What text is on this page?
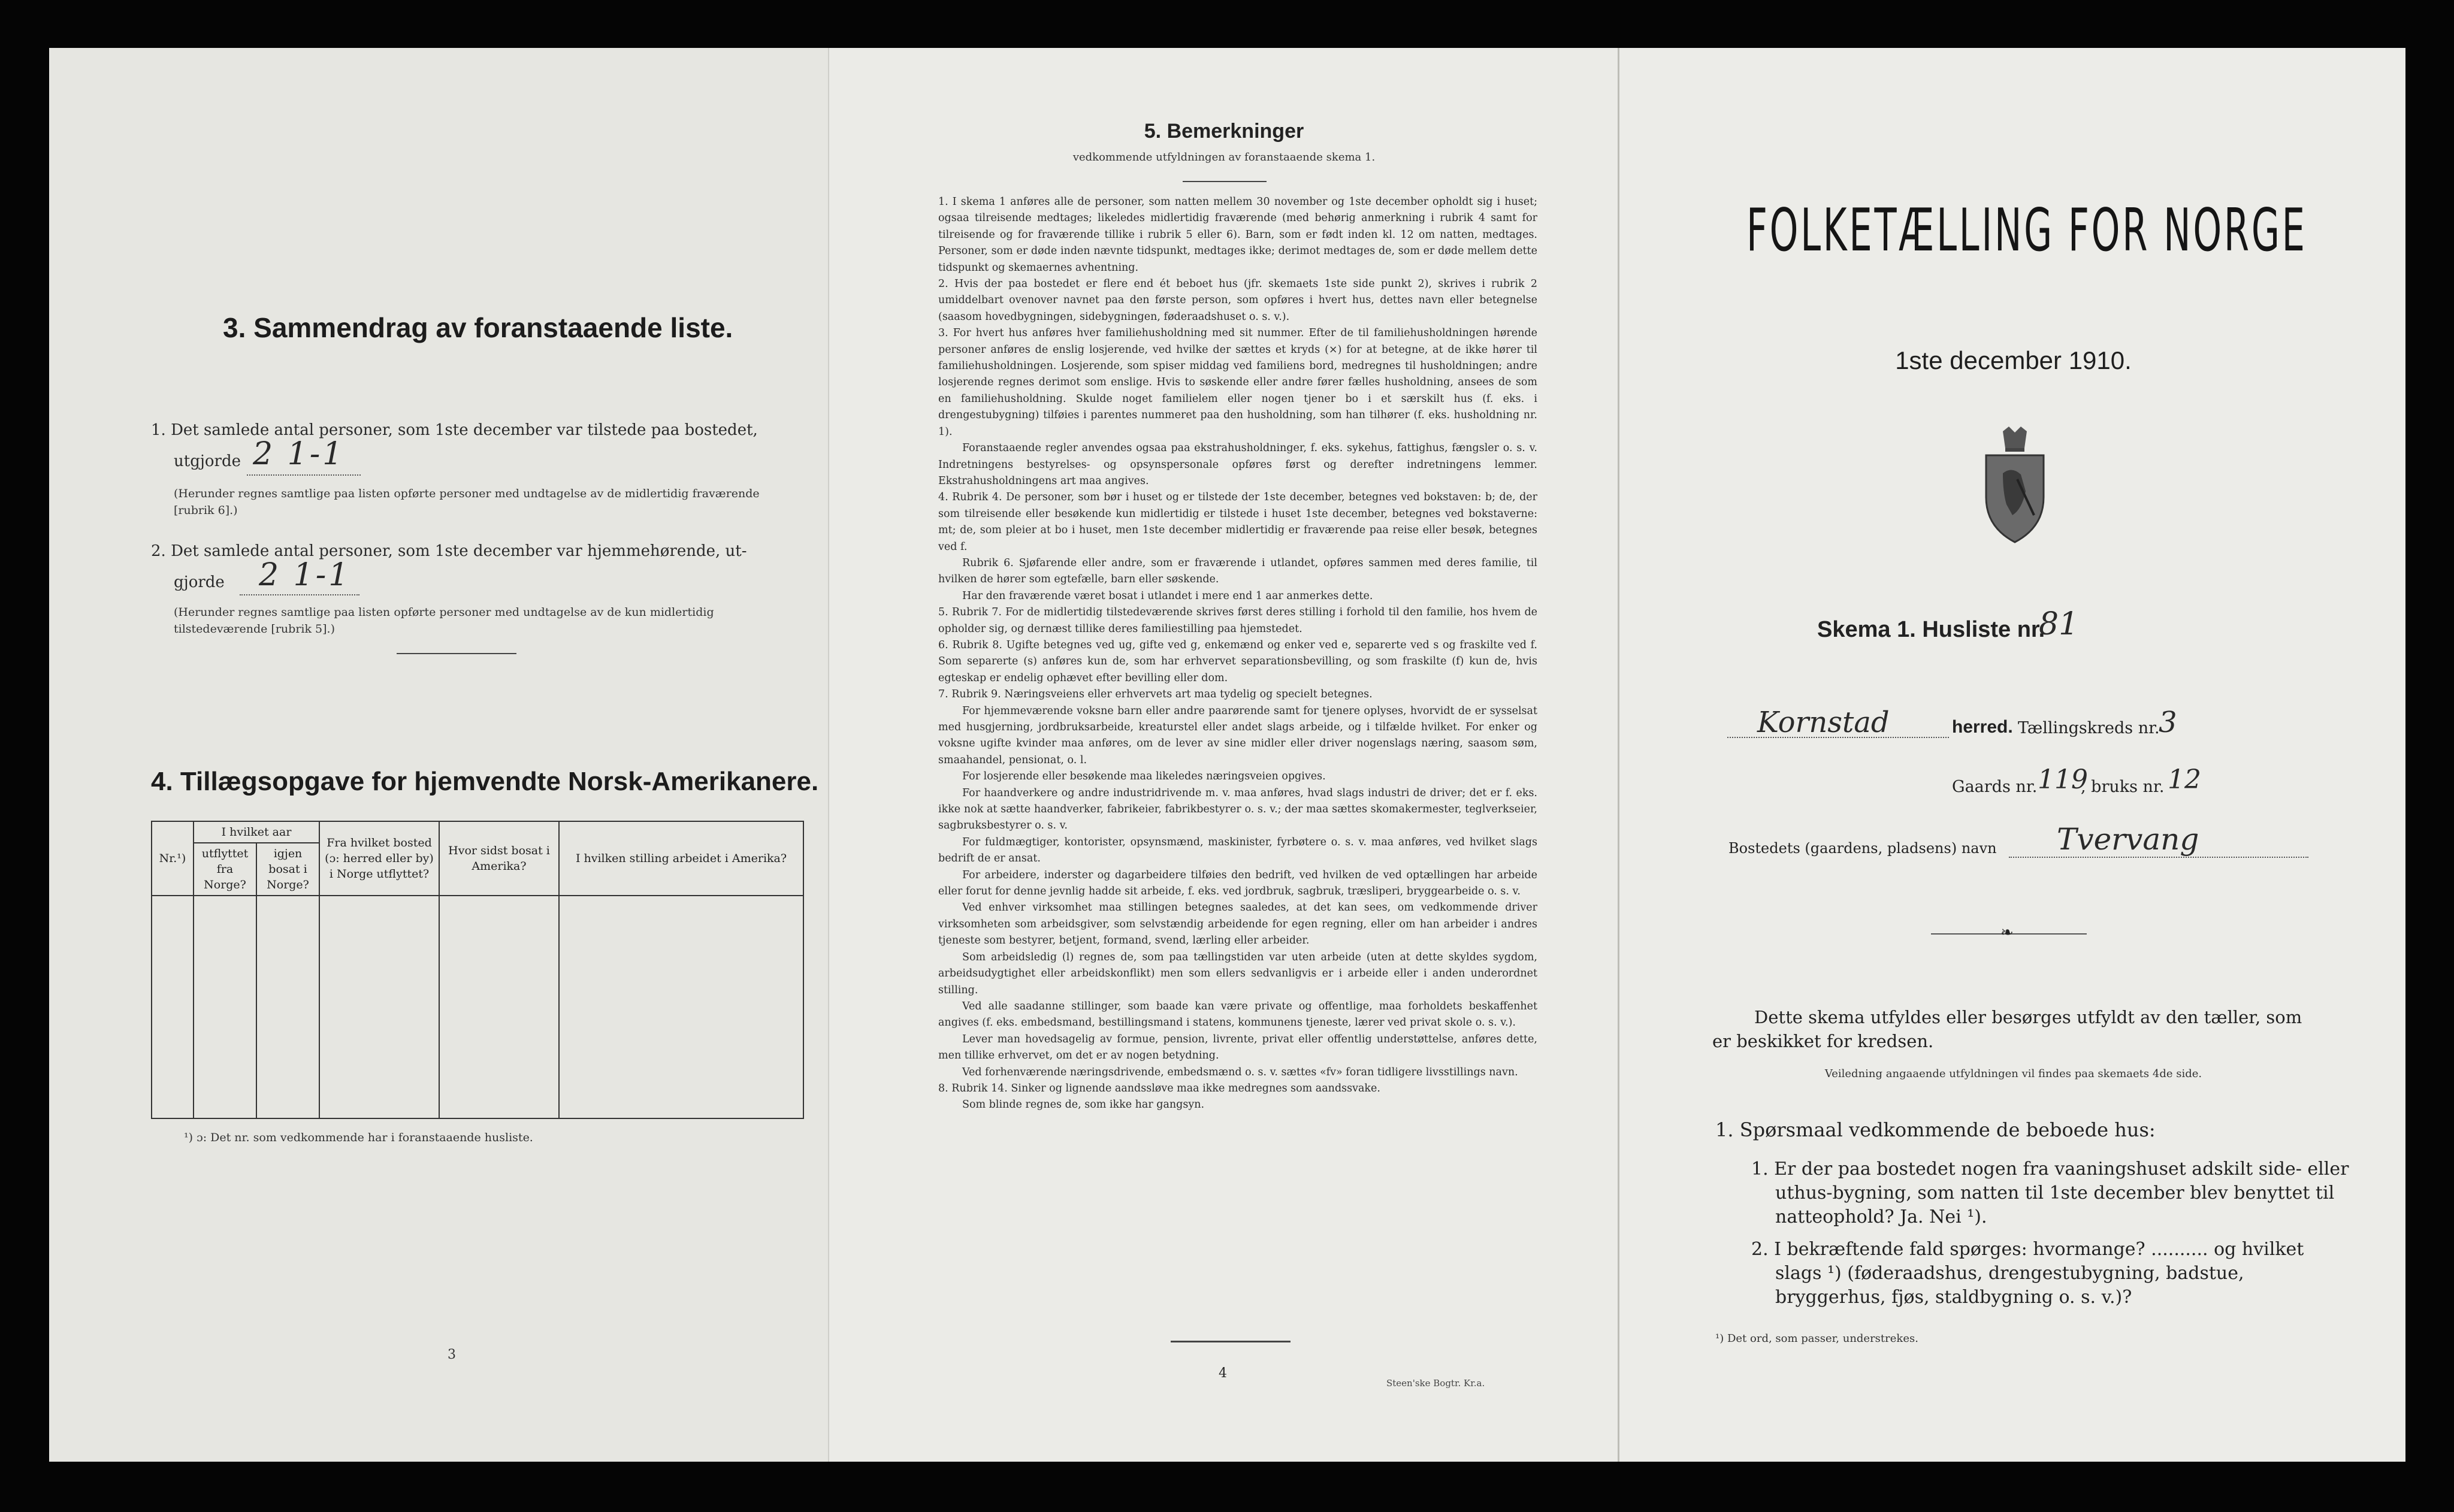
3. Sammendrag av foranstaaende liste.
1. Det samlede antal personer, som 1ste december var tilstede paa bostedet,
utgjorde 2 1-1
(Herunder regnes samtlige paa listen opførte personer med undtagelse av de midlertidig fraværende [rubrik 6].)
2. Det samlede antal personer, som 1ste december var hjemmehørende, ut-
gjorde 2 1-1
(Herunder regnes samtlige paa listen opførte personer med undtagelse av de kun midlertidig tilstedeværende [rubrik 5].)
4. Tillægsopgave for hjemvendte Norsk-Amerikanere.
Nr.¹)	I hvilket aar		Fra hvilket bosted (ɔ: herred eller by) i Norge utflyttet?	Hvor sidst bosat i Amerika?	I hvilken stilling arbeidet i Amerika?
	utflyttet fra Norge?	igjen bosat i Norge?			

¹) ɔ: Det nr. som vedkommende har i foranstaaende husliste.
3
5. Bemerkninger
vedkommende utfyldningen av foranstaaende skema 1.

1. I skema 1 anføres alle de personer, som natten mellem 30 november og 1ste december opholdt sig i huset; ogsaa tilreisende medtages; likeledes midlertidig fraværende (med behørig anmerkning i rubrik 4 samt for tilreisende og for fraværende tillike i rubrik 5 eller 6). Barn, som er født inden kl. 12 om natten, medtages. Personer, som er døde inden nævnte tidspunkt, medtages ikke; derimot medtages de, som er døde mellem dette tidspunkt og skemaernes avhentning.

2. Hvis der paa bostedet er flere end ét beboet hus (jfr. skemaets 1ste side punkt 2), skrives i rubrik 2 umiddelbart ovenover navnet paa den første person, som opføres i hvert hus, dettes navn eller betegnelse (saasom hovedbygningen, sidebygningen, føderaadshuset o. s. v.).

3. For hvert hus anføres hver familiehusholdning med sit nummer. Efter de til familiehusholdningen hørende personer anføres de enslig losjerende, ved hvilke der sættes et kryds (×) for at betegne, at de ikke hører til familiehusholdningen. Losjerende, som spiser middag ved familiens bord, medregnes til husholdningen; andre losjerende regnes derimot som enslige. Hvis to søskende eller andre fører fælles husholdning, ansees de som en familiehusholdning. Skulde noget familielem eller nogen tjener bo i et særskilt hus (f. eks. i drengestubygning) tilføies i parentes nummeret paa den husholdning, som han tilhører (f. eks. husholdning nr. 1).

Foranstaaende regler anvendes ogsaa paa ekstrahusholdninger, f. eks. sykehus, fattighus, fængsler o. s. v. Indretningens bestyrelses- og opsynspersonale opføres først og derefter indretningens lemmer. Ekstrahusholdningens art maa angives.

4. Rubrik 4. De personer, som bør i huset og er tilstede der 1ste december, betegnes ved bokstaven: b; de, der som tilreisende eller besøkende kun midlertidig er tilstede i huset 1ste december, betegnes ved bokstaverne: mt; de, som pleier at bo i huset, men 1ste december midlertidig er fraværende paa reise eller besøk, betegnes ved f.

Rubrik 6. Sjøfarende eller andre, som er fraværende i utlandet, opføres sammen med deres familie, til hvilken de hører som egtefælle, barn eller søskende.

Har den fraværende været bosat i utlandet i mere end 1 aar anmerkes dette.

5. Rubrik 7. For de midlertidig tilstedeværende skrives først deres stilling i forhold til den familie, hos hvem de opholder sig, og dernæst tillike deres familiestilling paa hjemstedet.

6. Rubrik 8. Ugifte betegnes ved ug, gifte ved g, enkemænd og enker ved e, separerte ved s og fraskilte ved f. Som separerte (s) anføres kun de, som har erhvervet separationsbevilling, og som fraskilte (f) kun de, hvis egteskap er endelig ophævet efter bevilling eller dom.

7. Rubrik 9. Næringsveiens eller erhvervets art maa tydelig og specielt betegnes.

For hjemmeværende voksne barn eller andre paarørende samt for tjenere oplyses, hvorvidt de er sysselsat med husgjerning, jordbruksarbeide, kreaturstel eller andet slags arbeide, og i tilfælde hvilket. For enker og voksne ugifte kvinder maa anføres, om de lever av sine midler eller driver nogenslags næring, saasom søm, smaahandel, pensionat, o. l.

For losjerende eller besøkende maa likeledes næringsveien opgives.

For haandverkere og andre industridrivende m. v. maa anføres, hvad slags industri de driver; det er f. eks. ikke nok at sætte haandverker, fabrikeier, fabrikbestyrer o. s. v.; der maa sættes skomakermester, teglverkseier, sagbruksbestyrer o. s. v.

For fuldmægtiger, kontorister, opsynsmænd, maskinister, fyrbøtere o. s. v. maa anføres, ved hvilket slags bedrift de er ansat.

For arbeidere, inderster og dagarbeidere tilføies den bedrift, ved hvilken de ved optællingen har arbeide eller forut for denne jevnlig hadde sit arbeide, f. eks. ved jordbruk, sagbruk, træsliperi, bryggearbeide o. s. v.

Ved enhver virksomhet maa stillingen betegnes saaledes, at det kan sees, om vedkommende driver virksomheten som arbeidsgiver, som selvstændig arbeidende for egen regning, eller om han arbeider i andres tjeneste som bestyrer, betjent, formand, svend, lærling eller arbeider.

Som arbeidsledig (l) regnes de, som paa tællingstiden var uten arbeide (uten at dette skyldes sygdom, arbeidsudygtighet eller arbeidskonflikt) men som ellers sedvanligvis er i arbeide eller i anden underordnet stilling.

Ved alle saadanne stillinger, som baade kan være private og offentlige, maa forholdets beskaffenhet angives (f. eks. embedsmand, bestillingsmand i statens, kommunens tjeneste, lærer ved privat skole o. s. v.).

Lever man hovedsagelig av formue, pension, livrente, privat eller offentlig understøttelse, anføres dette, men tillike erhvervet, om det er av nogen betydning.

Ved forhenværende næringsdrivende, embedsmænd o. s. v. sættes «fv» foran tidligere livsstillings navn.

8. Rubrik 14. Sinker og lignende aandssløve maa ikke medregnes som aandssvake.

Som blinde regnes de, som ikke har gangsyn.

4
Steen'ske Bogtr. Kr.a.
FOLKETÆLLING FOR NORGE
1ste december 1910.
Skema 1. Husliste nr.
81
Kornstad	herred. Tællingskreds nr.
3
Gaards nr. 119
, bruks nr. 12
Bostedets (gaardens, pladsens) navn Tvervang
❧
Dette skema utfyldes eller besørges utfyldt av den tæller, som er beskikket for kredsen.
Veiledning angaaende utfyldningen vil findes paa skemaets 4de side.
1. Spørsmaal vedkommende de beboede hus:
1. Er der paa bostedet nogen fra vaaningshuset adskilt side- eller uthus-bygning, som natten til 1ste december blev benyttet til natteophold? Ja. Nei ¹).
2. I bekræftende fald spørges: hvormange? .......... og hvilket slags ¹) (føderaadshus, drengestubygning, badstue, bryggerhus, fjøs, staldbygning o. s. v.)?
¹) Det ord, som passer, understrekes.
